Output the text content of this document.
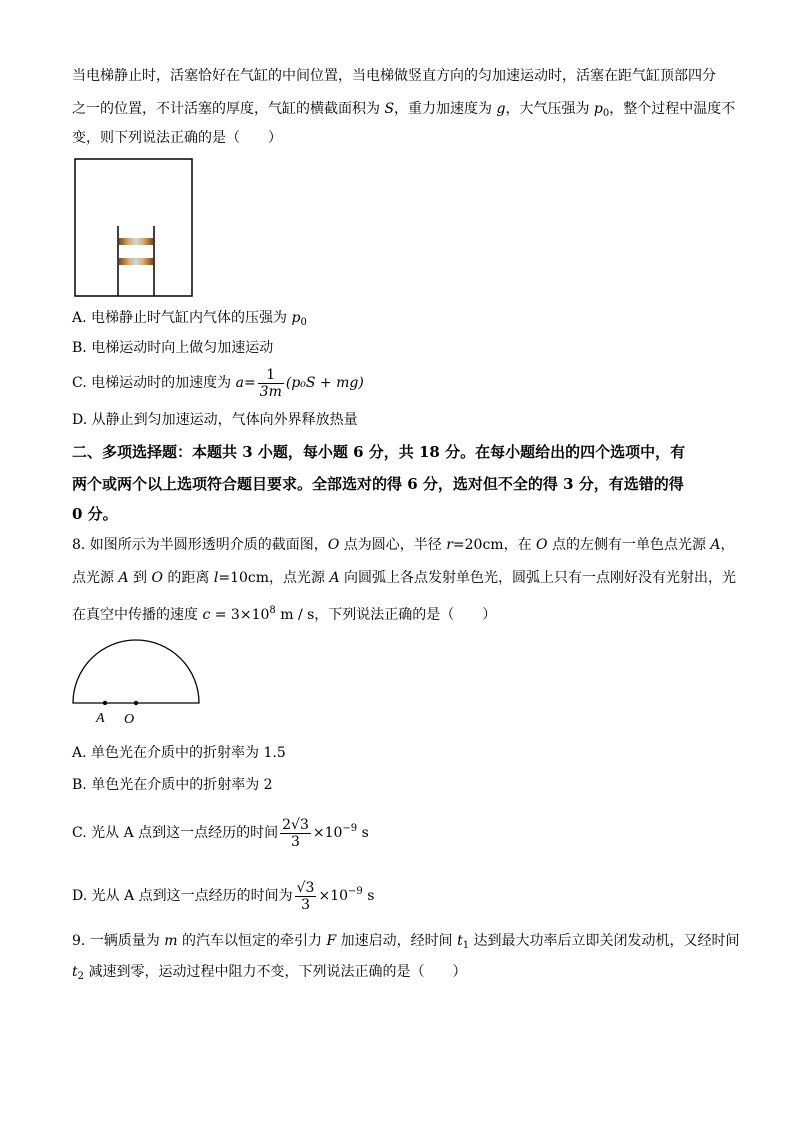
当电梯静止时，活塞恰好在气缸的中间位置，当电梯做竖直方向的匀加速运动时，活塞在距气缸顶部四分
之一的位置，不计活塞的厚度，气缸的横截面积为 S，重力加速度为 g，大气压强为 $p_0$，整个过程中温度不
变，则下列说法正确的是（　　）
A. 电梯静止时气缸内气体的压强为 $p_0$
B. 电梯运动时向上做匀加速运动
C. 电梯运动时的加速度为 $a= \frac{1}{3m} (p_0S + mg)$
D. 从静止到匀加速运动，气体向外界释放热量
二、多项选择题：本题共 3 小题，每小题 6 分，共 18 分。在每小题给出的四个选项中，有
两个或两个以上选项符合题目要求。全部选对的得 6 分，选对但不全的得 3 分，有选错的得
0 分。
8. 如图所示为半圆形透明介质的截面图，O 点为圆心，半径 r=20cm，在 O 点的左侧有一单色点光源 A，
点光源 A 到 O 的距离 l=10cm，点光源 A 向圆弧上各点发射单色光，圆弧上只有一点刚好没有光射出，光
在真空中传播的速度 $c = 3\times 10^8$ m / s，下列说法正确的是（　　）
A O
A. 单色光在介质中的折射率为 1.5
B. 单色光在介质中的折射率为 2
C. 光从 A 点到这一点经历的时间 $\frac{2√3}{3} \times 10^{-9}$ s
D. 光从 A 点到这一点经历的时间为 $\frac{√3}{3} \times 10^{-9}$ s
9. 一辆质量为 m 的汽车以恒定的牵引力 F 加速启动，经时间 $t_1$ 达到最大功率后立即关闭发动机，又经时间
$t_2$ 减速到零，运动过程中阻力不变，下列说法正确的是（　　）
